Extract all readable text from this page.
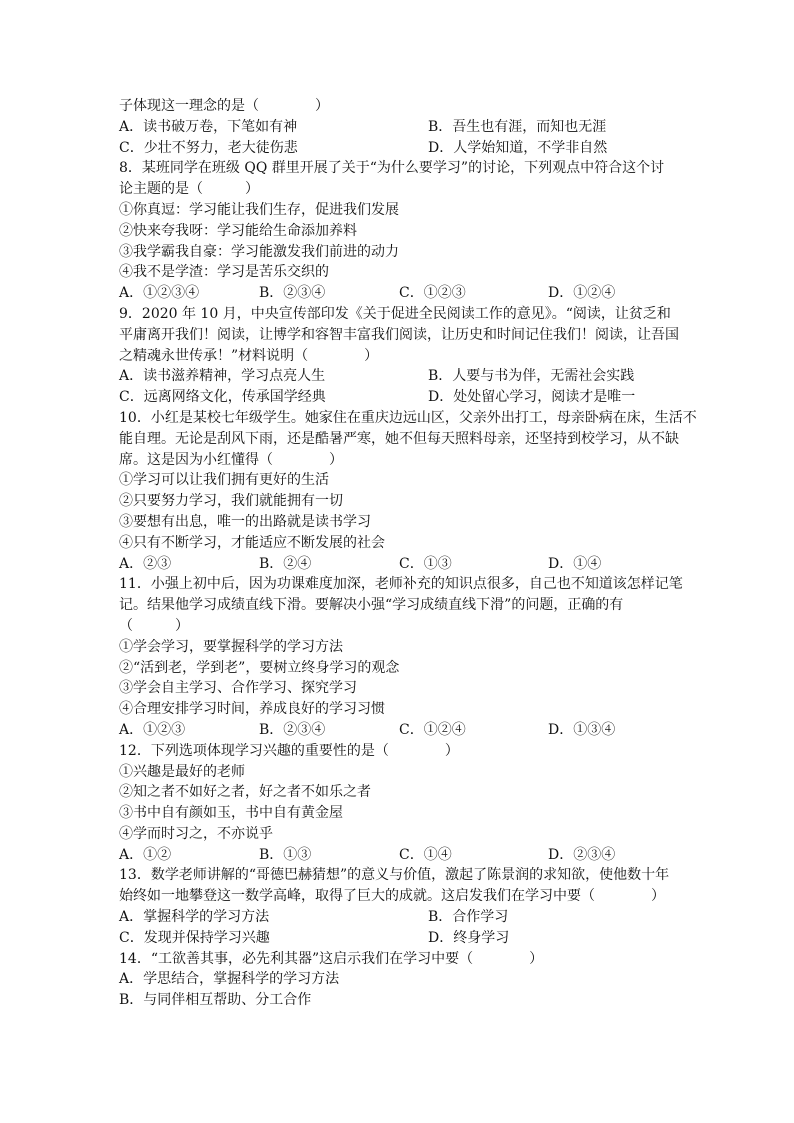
子体现这一理念的是（　　　　）
A．读书破万卷，下笔如有神	B．吾生也有涯，而知也无涯
C．少壮不努力，老大徒伤悲	D．人学始知道，不学非自然
8．某班同学在班级 QQ 群里开展了关于“为什么要学习”的讨论，下列观点中符合这个讨
论主题的是（　　　）
①你真逗：学习能让我们生存，促进我们发展
②快来夸我呀：学习能给生命添加养料
③我学霸我自豪：学习能激发我们前进的动力
④我不是学渣：学习是苦乐交织的
A．①②③④	B．②③④	C．①②③	D．①②④
9．2020 年 10 月，中央宣传部印发《关于促进全民阅读工作的意见》。“阅读，让贫乏和
平庸离开我们！阅读，让博学和容智丰富我们阅读，让历史和时间记住我们！阅读，让吾国
之精魂永世传承！”材料说明（　　　　）
A．读书滋养精神，学习点亮人生	B．人要与书为伴，无需社会实践
C．远离网络文化，传承国学经典	D．处处留心学习，阅读才是唯一
10．小红是某校七年级学生。她家住在重庆边远山区，父亲外出打工，母亲卧病在床，生活不
能自理。无论是刮风下雨，还是酷暑严寒，她不但每天照料母亲，还坚持到校学习，从不缺
席。这是因为小红懂得（　　　　）
①学习可以让我们拥有更好的生活
②只要努力学习，我们就能拥有一切
③要想有出息，唯一的出路就是读书学习
④只有不断学习，才能适应不断发展的社会
A．②③	B．②④	C．①③	D．①④
11．小强上初中后，因为功课难度加深，老师补充的知识点很多，自己也不知道该怎样记笔
记。结果他学习成绩直线下滑。要解决小强“学习成绩直线下滑”的问题，正确的有
（　　　）
①学会学习，要掌握科学的学习方法
②“活到老，学到老”，要树立终身学习的观念
③学会自主学习、合作学习、探究学习
④合理安排学习时间，养成良好的学习习惯
A．①②③	B．②③④	C．①②④	D．①③④
12．下列选项体现学习兴趣的重要性的是（　　　　）
①兴趣是最好的老师
②知之者不如好之者，好之者不如乐之者
③书中自有颜如玉，书中自有黄金屋
④学而时习之，不亦说乎
A．①②	B．①③	C．①④	D．②③④
13．数学老师讲解的“哥德巴赫猜想”的意义与价值，激起了陈景润的求知欲，使他数十年
始终如一地攀登这一数学高峰，取得了巨大的成就。这启发我们在学习中要（　　　　）
A．掌握科学的学习方法	B．合作学习
C．发现并保持学习兴趣	D．终身学习
14．“工欲善其事，必先利其器”这启示我们在学习中要（　　　　）
A．学思结合，掌握科学的学习方法
B．与同伴相互帮助、分工合作
